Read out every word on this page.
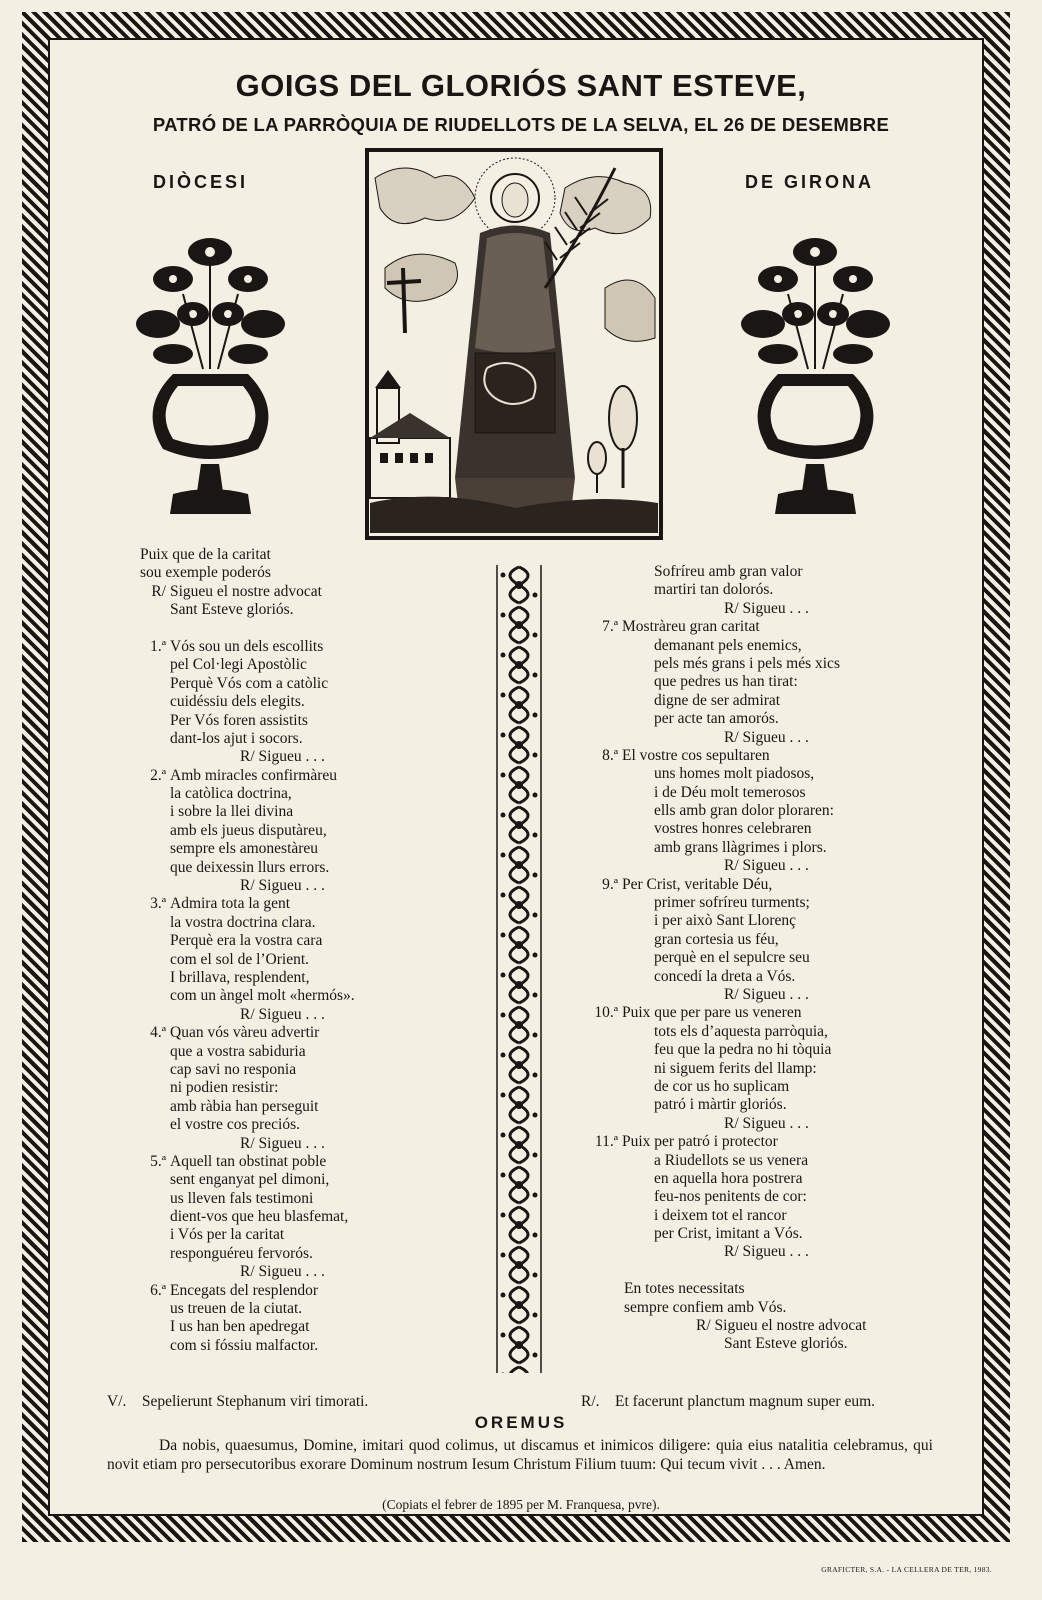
GOIGS DEL GLORIÓS SANT ESTEVE,
PATRÓ DE LA PARRÒQUIA DE RIUDELLOTS DE LA SELVA, EL 26 DE DESEMBRE
DIÒCESI	DE GIRONA
Puix que de la caritat
sou exemple poderós
R/ Sigueu el nostre advocat
Sant Esteve gloriós.
1.ª Vós sou un dels escollits
pel Col·legi Apostòlic
Perquè Vós com a catòlic
cuidéssiu dels elegits.
Per Vós foren assistits
dant-los ajut i socors.
R/ Sigueu . . .
2.ª Amb miracles confirmàreu
la catòlica doctrina,
i sobre la llei divina
amb els jueus disputàreu,
sempre els amonestàreu
que deixessin llurs errors.
R/ Sigueu . . .
3.ª Admira tota la gent
la vostra doctrina clara.
Perquè era la vostra cara
com el sol de l’Orient.
I brillava, resplendent,
com un àngel molt «hermós».
R/ Sigueu . . .
4.ª Quan vós vàreu advertir
que a vostra sabiduria
cap savi no responia
ni podien resistir:
amb ràbia han perseguit
el vostre cos preciós.
R/ Sigueu . . .
5.ª Aquell tan obstinat poble
sent enganyat pel dimoni,
us lleven fals testimoni
dient-vos que heu blasfemat,
i Vós per la caritat
responguéreu fervorós.
R/ Sigueu . . .
6.ª Encegats del resplendor
us treuen de la ciutat.
I us han ben apedregat
com si fóssiu malfactor.
Sofríreu amb gran valor
martiri tan dolorós.
R/ Sigueu . . .
7.ª Mostràreu gran caritat
demanant pels enemics,
pels més grans i pels més xics
que pedres us han tirat:
digne de ser admirat
per acte tan amorós.
R/ Sigueu . . .
8.ª El vostre cos sepultaren
uns homes molt piadosos,
i de Déu molt temerosos
ells amb gran dolor ploraren:
vostres honres celebraren
amb grans llàgrimes i plors.
R/ Sigueu . . .
9.ª Per Crist, veritable Déu,
primer sofríreu turments;
i per això Sant Llorenç
gran cortesia us féu,
perquè en el sepulcre seu
concedí la dreta a Vós.
R/ Sigueu . . .
10.ª Puix que per pare us veneren
tots els d’aquesta parròquia,
feu que la pedra no hi tòquia
ni siguem ferits del llamp:
de cor us ho suplicam
patró i màrtir gloriós.
R/ Sigueu . . .
11.ª Puix per patró i protector
a Riudellots se us venera
en aquella hora postrera
feu-nos penitents de cor:
i deixem tot el rancor
per Crist, imitant a Vós.
R/ Sigueu . . .
En totes necessitats
sempre confiem amb Vós.
R/ Sigueu el nostre advocat
Sant Esteve gloriós.
V/. Sepelierunt Stephanum viri timorati.	R/. Et facerunt planctum magnum super eum.
OREMUS
Da nobis, quaesumus, Domine, imitari quod colimus, ut discamus et inimicos diligere: quia eius natalitia celebramus, qui novit etiam pro persecutoribus exorare Dominum nostrum Iesum Christum Filium tuum: Qui tecum vivit . . . Amen.
(Copiats el febrer de 1895 per M. Franquesa, pvre).
GRAFICTER, S.A. - LA CELLERA DE TER, 1983.
